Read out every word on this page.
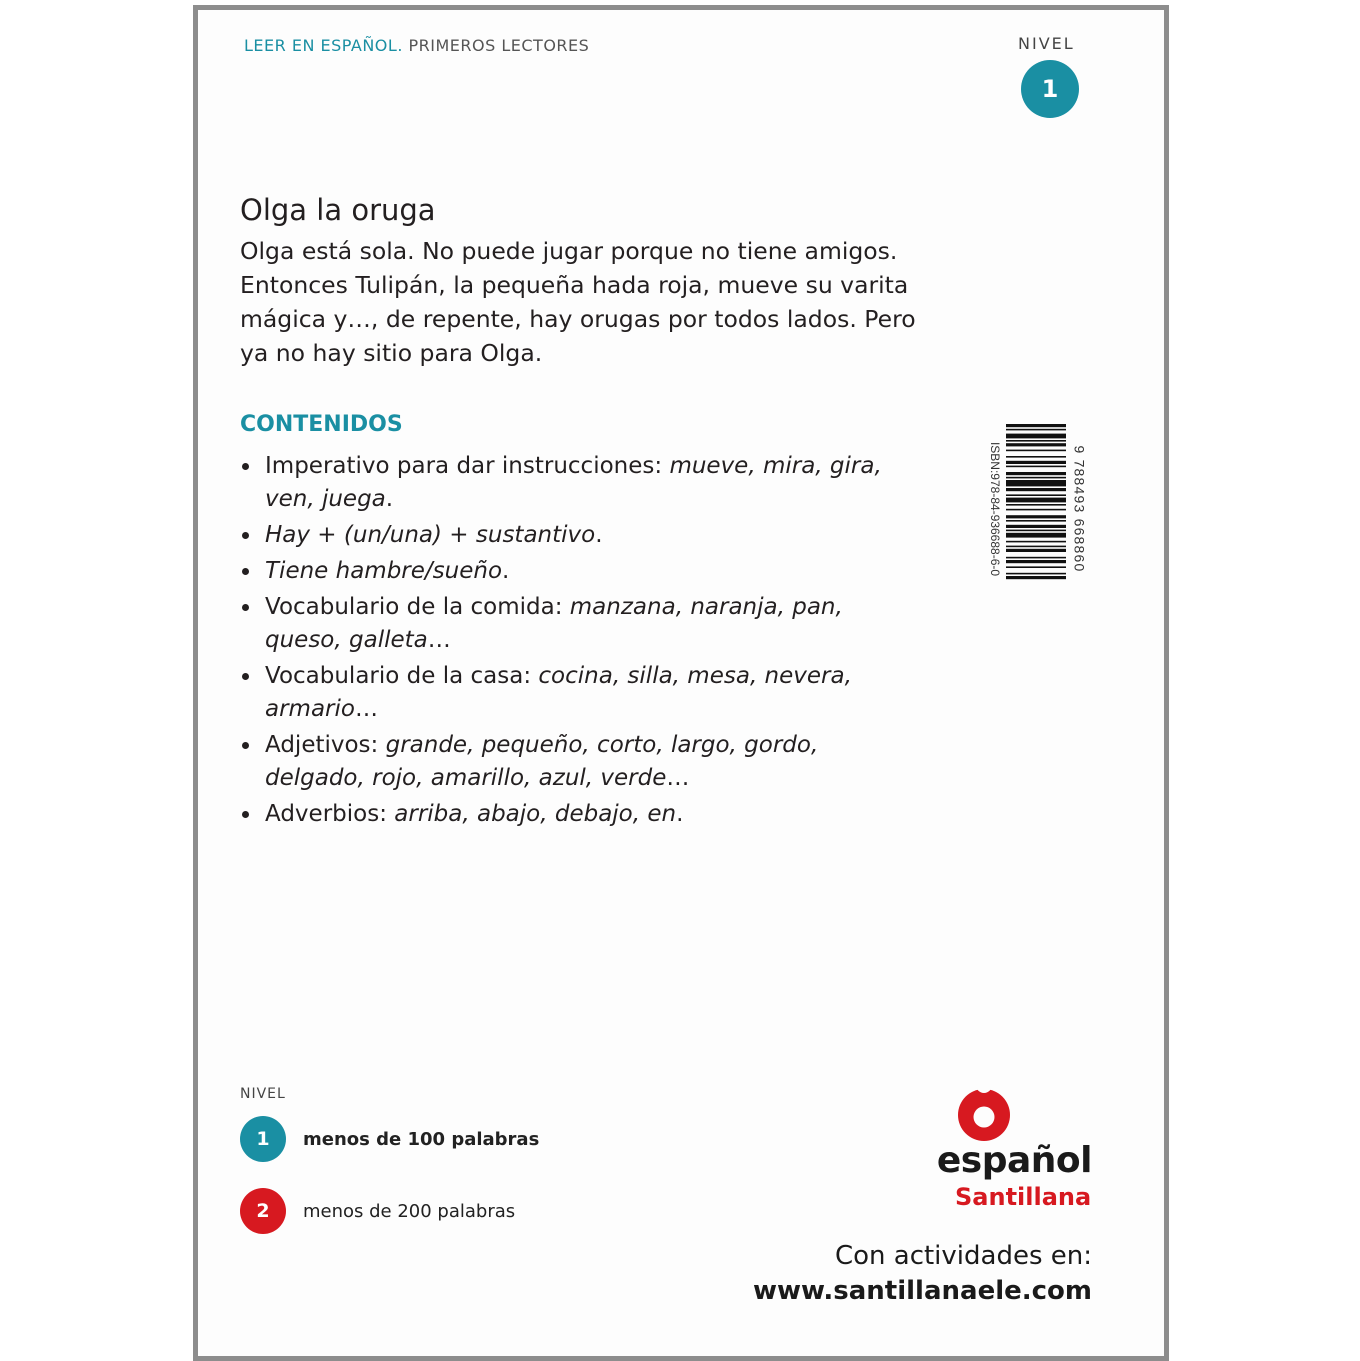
LEER EN ESPAÑOL. PRIMEROS LECTORES	NIVEL
1
Olga la oruga

Olga está sola. No puede jugar porque no tiene amigos. Entonces Tulipán, la pequeña hada roja, mueve su varita mágica y…, de repente, hay orugas por todos lados. Pero ya no hay sitio para Olga.

CONTENIDOS
Imperativo para dar instrucciones: mueve, mira, gira, ven, juega.
Hay + (un/una) + sustantivo.
Tiene hambre/sueño.
Vocabulario de la comida: manzana, naranja, pan, queso, galleta…
Vocabulario de la casa: cocina, silla, mesa, nevera, armario…
Adjetivos: grande, pequeño, corto, largo, gordo, delgado, rojo, amarillo, azul, verde…
Adverbios: arriba, abajo, debajo, en.
ISBN:978-84-936688-6-0	9 788493 668860
NIVEL
1	menos de 100 palabras
2	menos de 200 palabras
español
Santillana
Con actividades en:
www.santillanaele.com
